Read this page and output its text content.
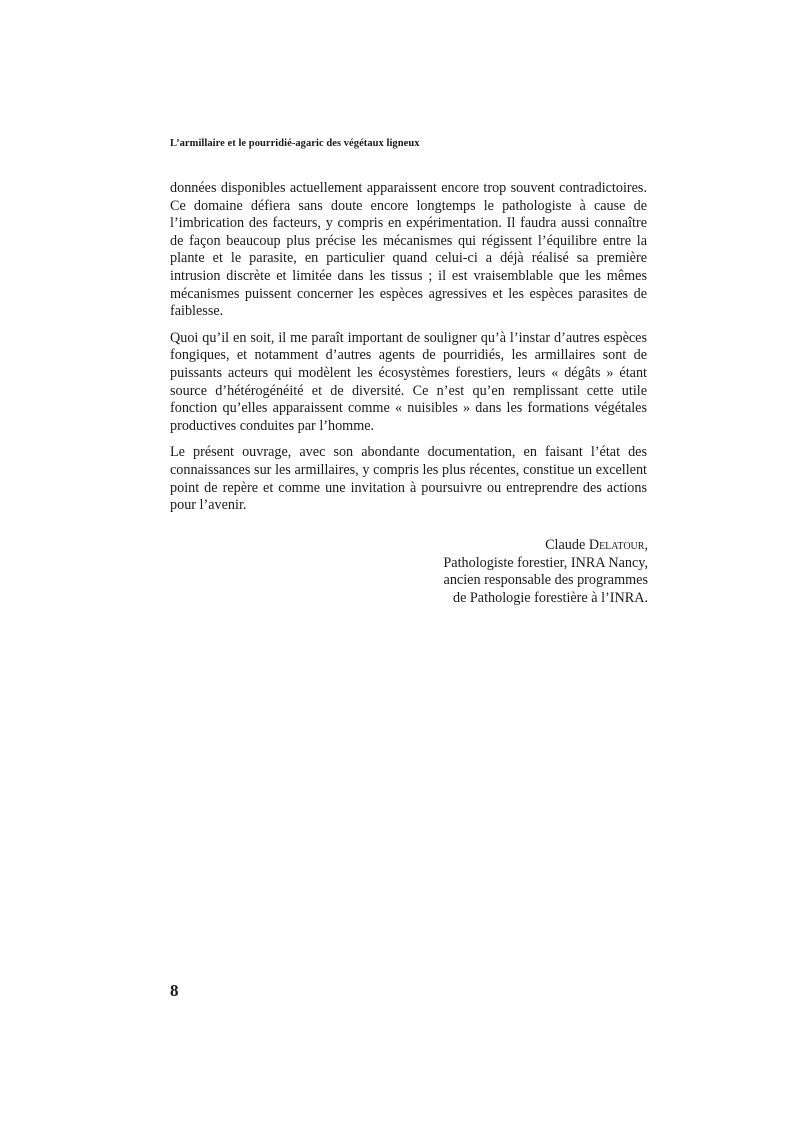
L’armillaire et le pourridié-agaric des végétaux ligneux

données disponibles actuellement apparaissent encore trop souvent contradictoires. Ce domaine défiera sans doute encore longtemps le pathologiste à cause de l’imbrication des facteurs, y compris en expérimentation. Il faudra aussi connaître de façon beaucoup plus précise les mécanismes qui régissent l’équilibre entre la plante et le parasite, en particulier quand celui-ci a déjà réalisé sa première intrusion discrète et limitée dans les tissus ; il est vraisemblable que les mêmes mécanismes puissent concerner les espèces agressives et les espèces parasites de faiblesse.

Quoi qu’il en soit, il me paraît important de souligner qu’à l’instar d’autres espèces fongiques, et notamment d’autres agents de pourridiés, les armillaires sont de puissants acteurs qui modèlent les écosystèmes forestiers, leurs « dégâts » étant source d’hétérogénéité et de diversité. Ce n’est qu’en remplissant cette utile fonction qu’elles apparaissent comme « nuisibles » dans les formations végétales productives conduites par l’homme.

Le présent ouvrage, avec son abondante documentation, en faisant l’état des connaissances sur les armillaires, y compris les plus récentes, constitue un excellent point de repère et comme une invitation à poursuivre ou entreprendre des actions pour l’avenir.

Claude Delatour,
Pathologiste forestier, INRA Nancy,
ancien responsable des programmes
de Pathologie forestière à l’INRA.
8
